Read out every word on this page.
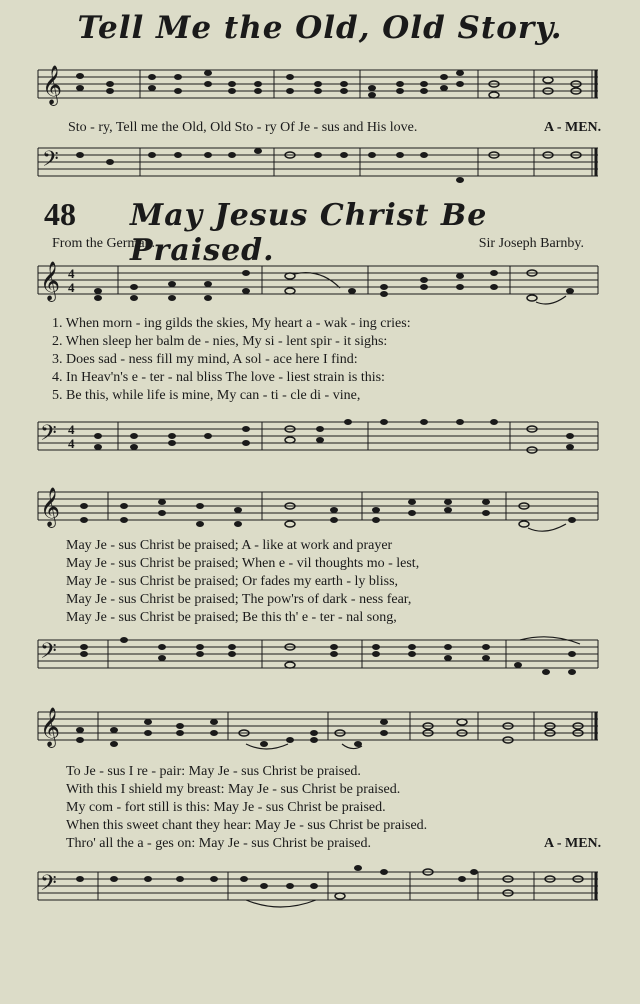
Tell Me the Old, Old Story.
𝄞
Sto - ry, Tell me the Old, Old Sto - ry Of Je - sus and His love.	A - MEN.
𝄢
48 May Jesus Christ Be Praised.
From the German.	Sir Joseph Barnby.
𝄞 4
4
1. When morn - ing gilds the skies, My heart a - wak - ing cries:
2. When sleep her balm de - nies, My si - lent spir - it sighs:
3. Does sad - ness fill my mind, A sol - ace here I find:
4. In Heav'n's e - ter - nal bliss The love - liest strain is this:
5. Be this, while life is mine, My can - ti - cle di - vine,
𝄢 4
4
𝄞
May Je - sus Christ be praised; A - like at work and prayer
May Je - sus Christ be praised; When e - vil thoughts mo - lest,
May Je - sus Christ be praised; Or fades my earth - ly bliss,
May Je - sus Christ be praised; The pow'rs of dark - ness fear,
May Je - sus Christ be praised; Be this th' e - ter - nal song,
𝄢
𝄞
To Je - sus I re - pair: May Je - sus Christ be praised.
With this I shield my breast: May Je - sus Christ be praised.
My com - fort still is this: May Je - sus Christ be praised.
When this sweet chant they hear: May Je - sus Christ be praised.
Thro' all the a - ges on: May Je - sus Christ be praised.	A - MEN.
𝄢
